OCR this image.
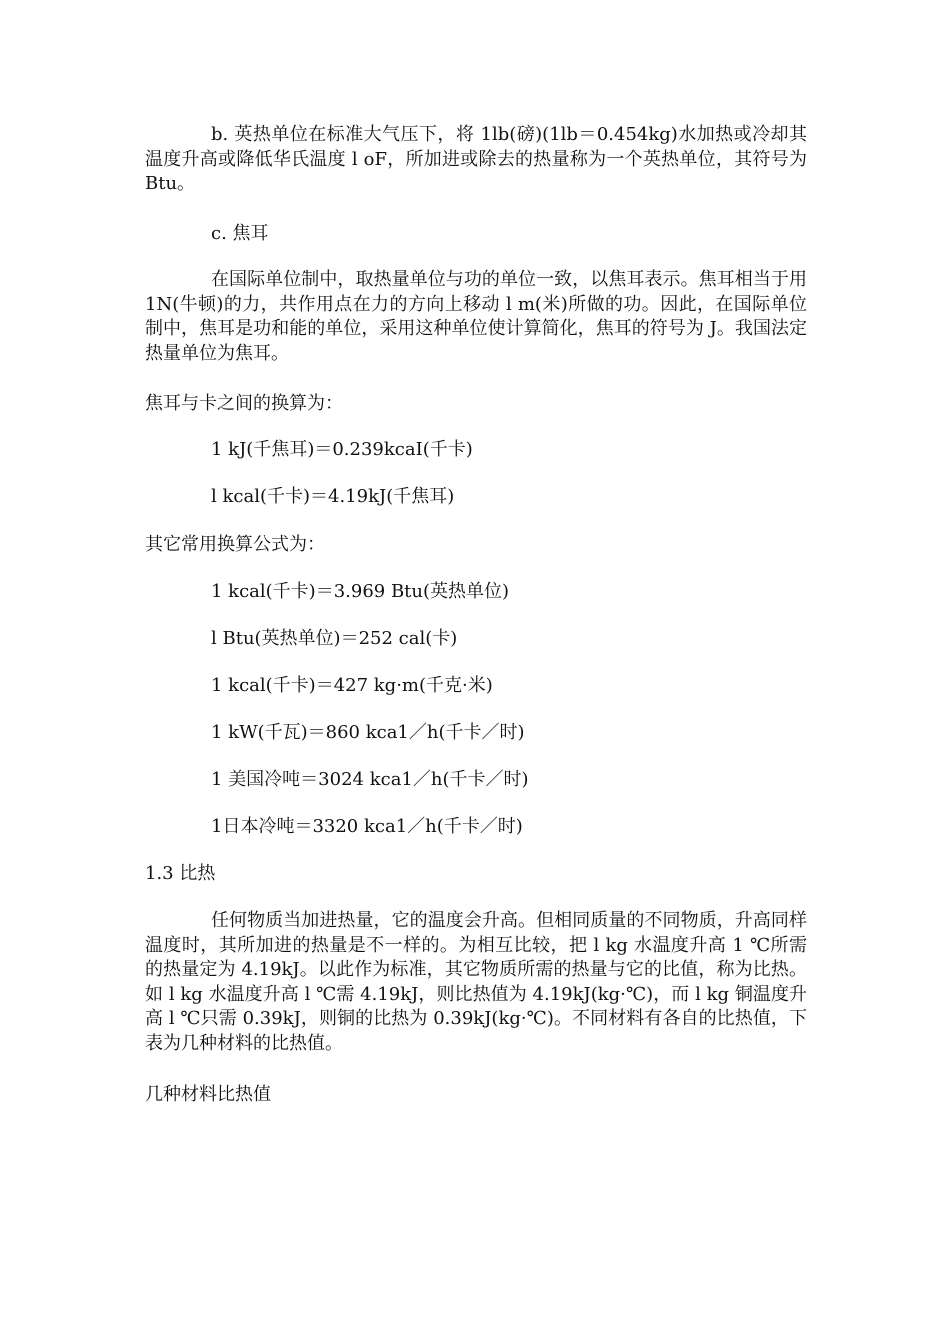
b. 英热单位在标准大气压下，将 1lb(磅)(1lb＝0.454kg)水加热或冷却其温度升高或降低华氏温度 l oF，所加进或除去的热量称为一个英热单位，其符号为 Btu。

c. 焦耳

在国际单位制中，取热量单位与功的单位一致，以焦耳表示。焦耳相当于用 1N(牛顿)的力，共作用点在力的方向上移动 l m(米)所做的功。因此，在国际单位制中，焦耳是功和能的单位，采用这种单位使计算简化，焦耳的符号为 J。我国法定热量单位为焦耳。

焦耳与卡之间的换算为：

1 kJ(千焦耳)＝0.239kcaI(千卡)

l kcal(千卡)＝4.19kJ(千焦耳)

其它常用换算公式为：

1 kcal(千卡)＝3.969 Btu(英热单位)

l Btu(英热单位)＝252 cal(卡)

1 kcal(千卡)＝427 kg·m(千克·米)

1 kW(千瓦)＝860 kca1／h(千卡／时)

1 美国冷吨＝3024 kca1／h(千卡／时)

1日本冷吨＝3320 kca1／h(千卡／时)

1.3 比热

任何物质当加进热量，它的温度会升高。但相同质量的不同物质，升高同样温度时，其所加进的热量是不一样的。为相互比较，把 l kg 水温度升高 1 ℃所需的热量定为 4.19kJ。以此作为标准，其它物质所需的热量与它的比值，称为比热。如 l kg 水温度升高 l ℃需 4.19kJ，则比热值为 4.19kJ(kg·℃)，而 l kg 铜温度升高 l ℃只需 0.39kJ，则铜的比热为 0.39kJ(kg·℃)。不同材料有各自的比热值，下表为几种材料的比热值。

几种材料比热值
